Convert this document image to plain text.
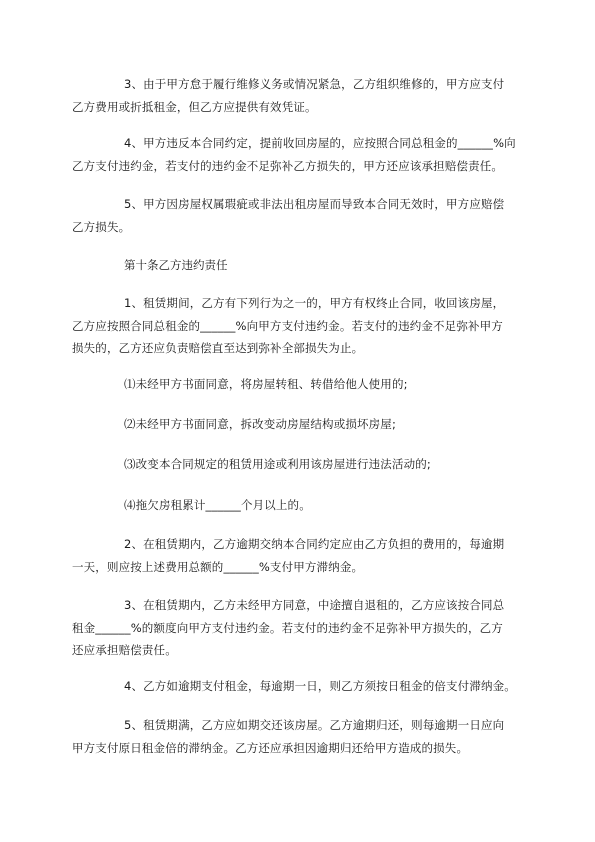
3、由于甲方怠于履行维修义务或情况紧急，乙方组织维修的，甲方应支付
乙方费用或折抵租金，但乙方应提供有效凭证。
4、甲方违反本合同约定，提前收回房屋的，应按照合同总租金的______%向
乙方支付违约金，若支付的违约金不足弥补乙方损失的，甲方还应该承担赔偿责任。
5、甲方因房屋权属瑕疵或非法出租房屋而导致本合同无效时，甲方应赔偿
乙方损失。
第十条乙方违约责任
1、租赁期间，乙方有下列行为之一的，甲方有权终止合同，收回该房屋，
乙方应按照合同总租金的______%向甲方支付违约金。若支付的违约金不足弥补甲方
损失的，乙方还应负责赔偿直至达到弥补全部损失为止。
⑴未经甲方书面同意，将房屋转租、转借给他人使用的;
⑵未经甲方书面同意，拆改变动房屋结构或损坏房屋;
⑶改变本合同规定的租赁用途或利用该房屋进行违法活动的;
⑷拖欠房租累计______个月以上的。
2、在租赁期内，乙方逾期交纳本合同约定应由乙方负担的费用的，每逾期
一天，则应按上述费用总额的______%支付甲方滞纳金。
3、在租赁期内，乙方未经甲方同意，中途擅自退租的，乙方应该按合同总
租金______%的额度向甲方支付违约金。若支付的违约金不足弥补甲方损失的，乙方
还应承担赔偿责任。
4、乙方如逾期支付租金，每逾期一日，则乙方须按日租金的倍支付滞纳金。
5、租赁期满，乙方应如期交还该房屋。乙方逾期归还，则每逾期一日应向
甲方支付原日租金倍的滞纳金。乙方还应承担因逾期归还给甲方造成的损失。
